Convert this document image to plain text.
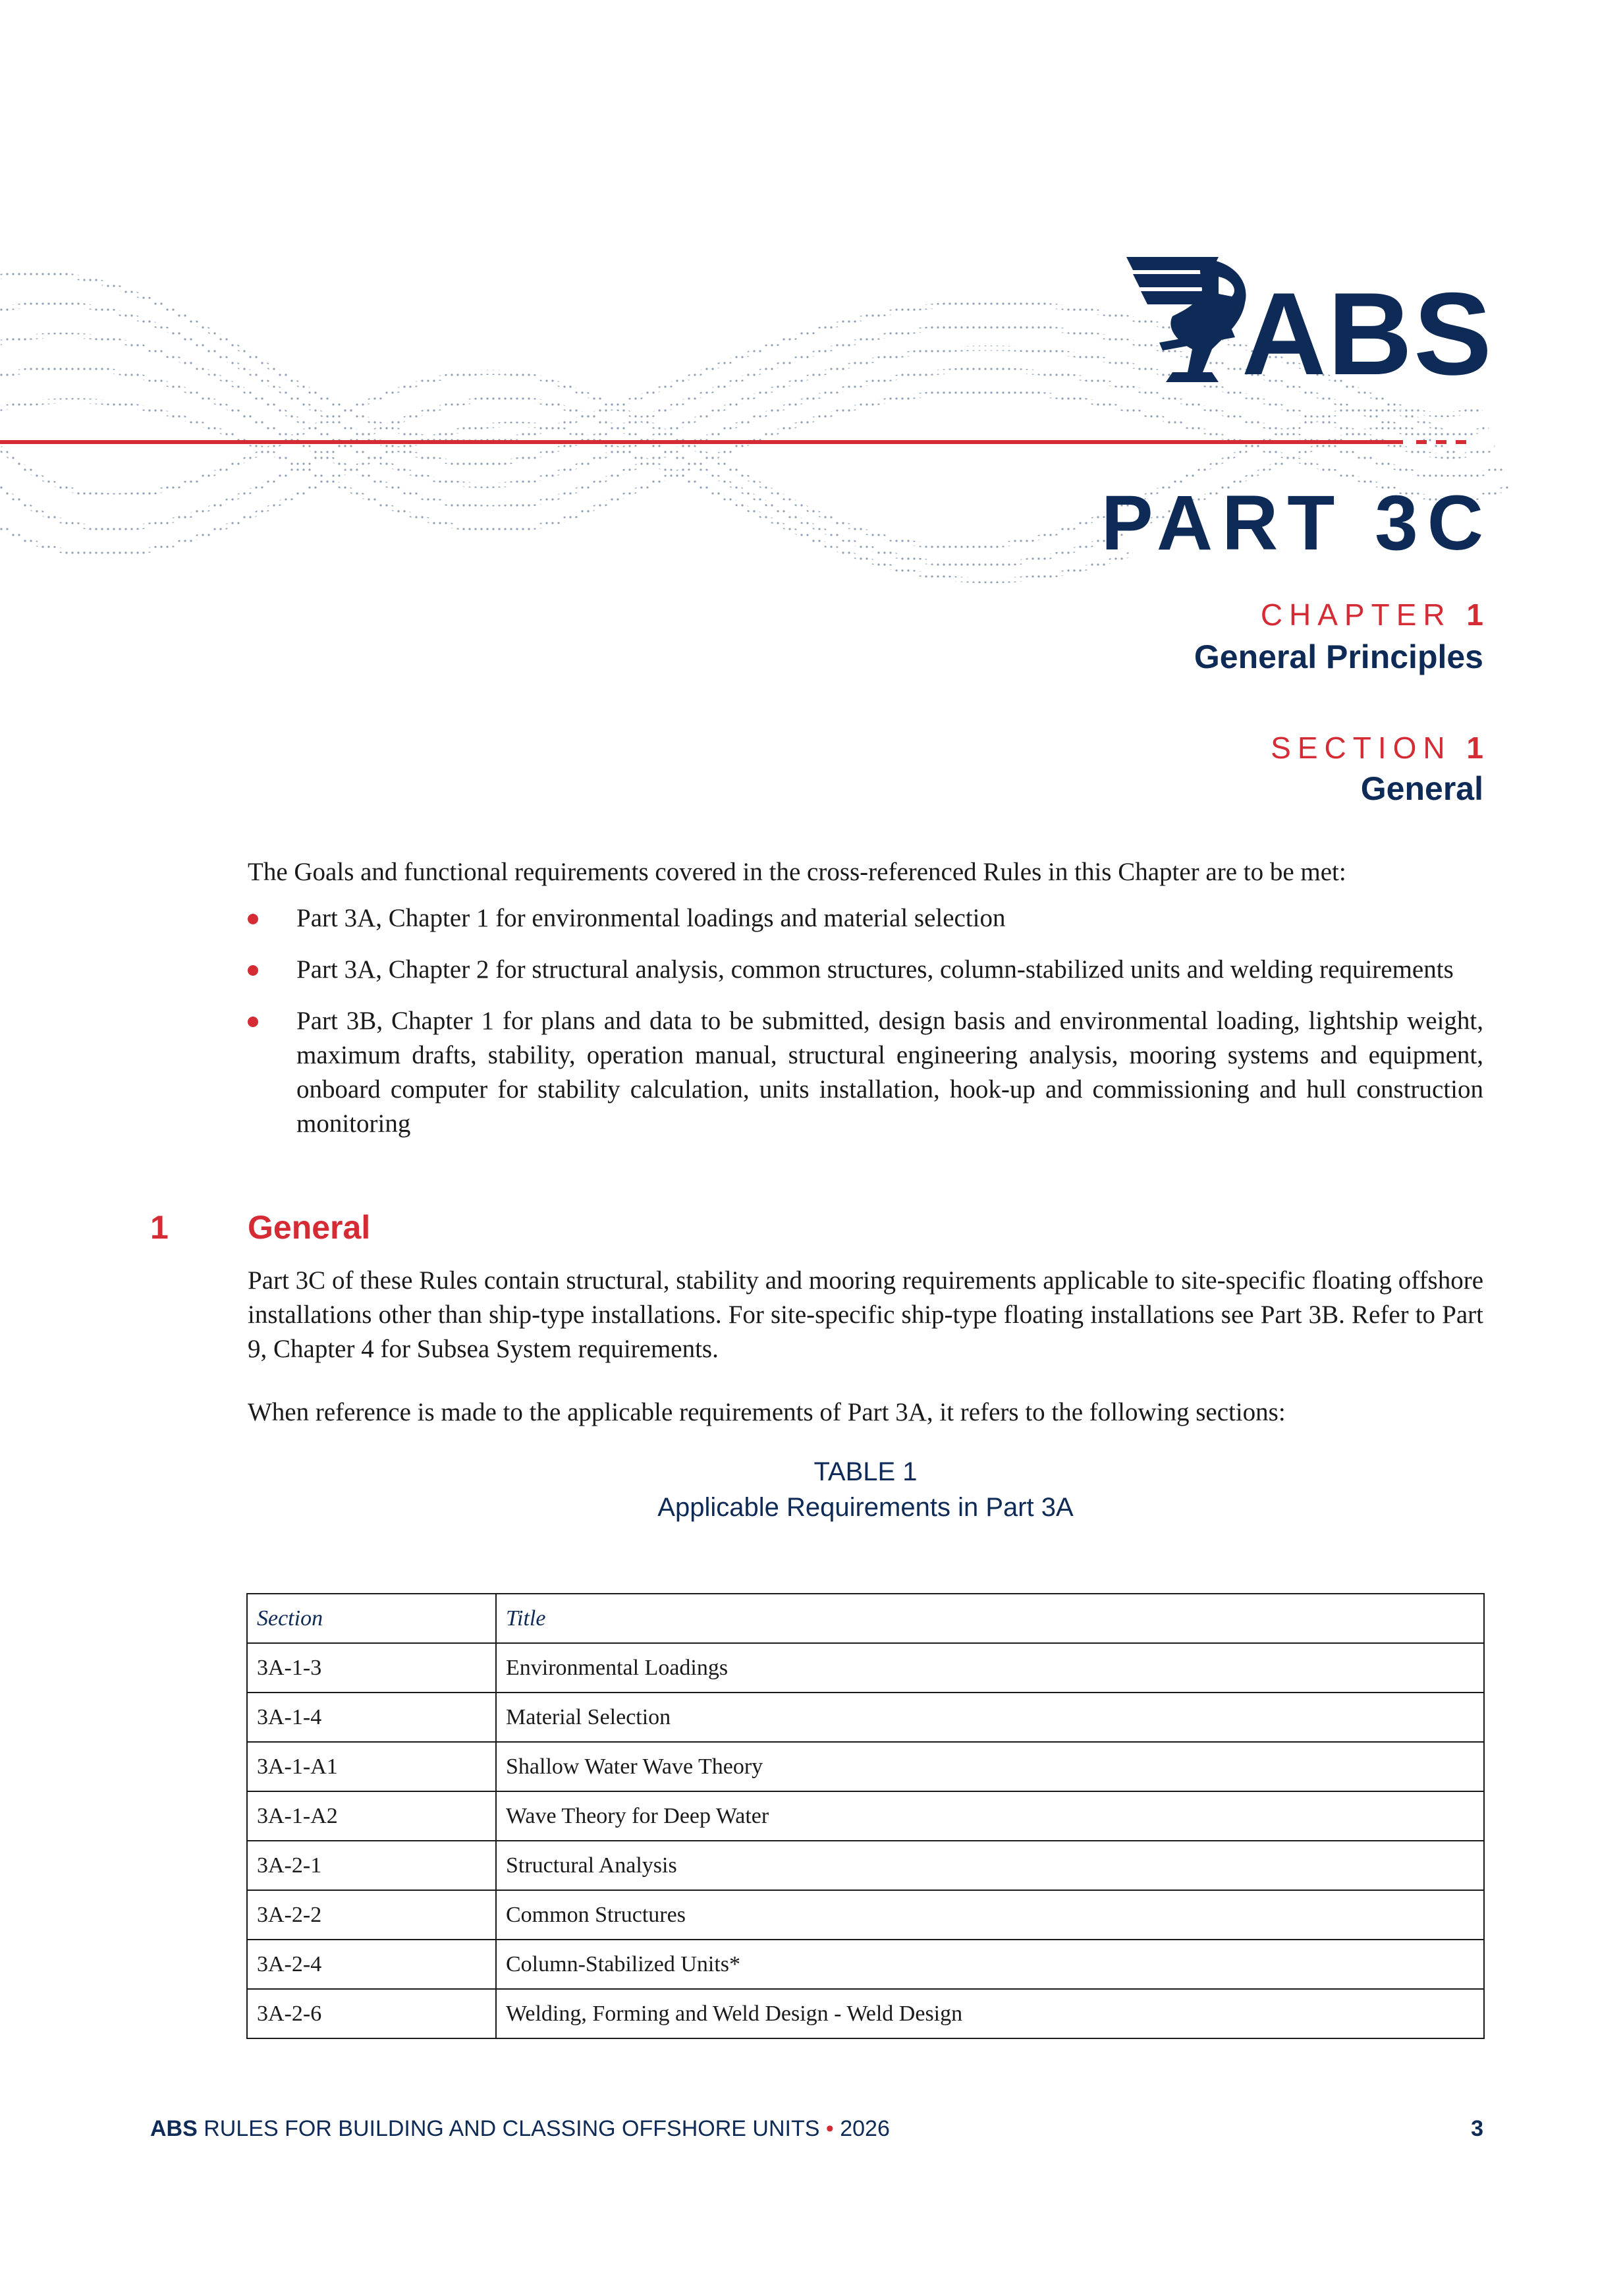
ABS
PART 3C
CHAPTER 1
General Principles
SECTION 1
General
The Goals and functional requirements covered in the cross-referenced Rules in this Chapter are to be met:
Part 3A, Chapter 1 for environmental loadings and material selection
Part 3A, Chapter 2 for structural analysis, common structures, column-stabilized units and welding requirements
Part 3B, Chapter 1 for plans and data to be submitted, design basis and environmental loading, lightship weight, maximum drafts, stability, operation manual, structural engineering analysis, mooring systems and equipment, onboard computer for stability calculation, units installation, hook-up and commissioning and hull construction monitoring
1 General
Part 3C of these Rules contain structural, stability and mooring requirements applicable to site-specific floating offshore installations other than ship-type installations. For site-specific ship-type floating installations see Part 3B. Refer to Part 9, Chapter 4 for Subsea System requirements.
When reference is made to the applicable requirements of Part 3A, it refers to the following sections:
TABLE 1
Applicable Requirements in Part 3A
Section	Title
3A-1-3	Environmental Loadings
3A-1-4	Material Selection
3A-1-A1	Shallow Water Wave Theory
3A-1-A2	Wave Theory for Deep Water
3A-2-1	Structural Analysis
3A-2-2	Common Structures
3A-2-4	Column-Stabilized Units*
3A-2-6	Welding, Forming and Weld Design - Weld Design
ABS RULES FOR BUILDING AND CLASSING OFFSHORE UNITS • 2026	3
